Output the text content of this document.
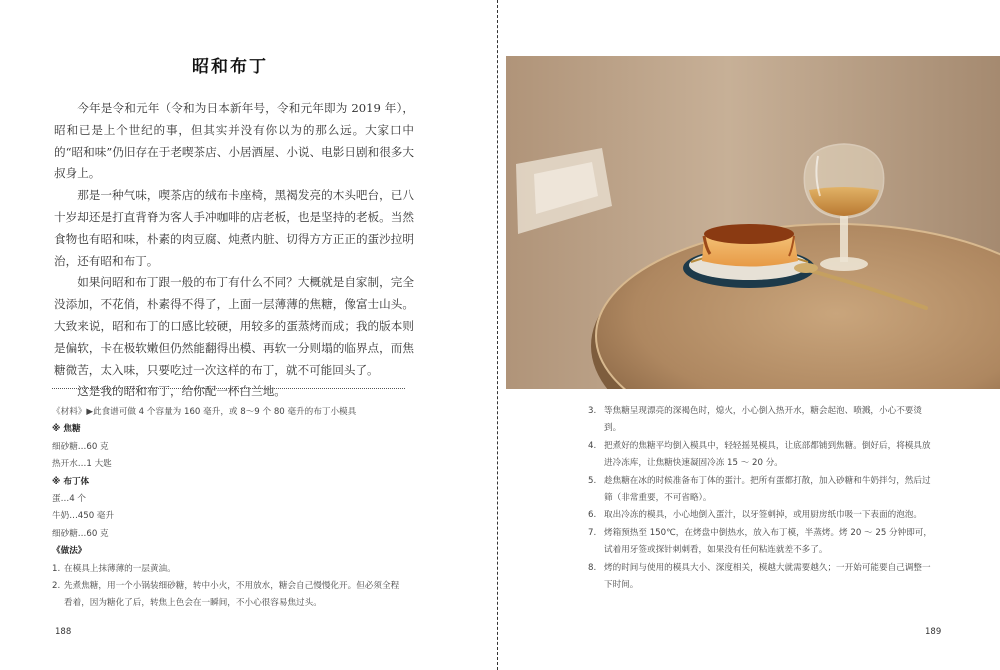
昭和布丁

今年是令和元年（令和为日本新年号，令和元年即为 2019 年），昭和已是上个世纪的事，但其实并没有你以为的那么远。大家口中的“昭和味”仍旧存在于老喫茶店、小居酒屋、小说、电影日剧和很多大叔身上。

那是一种气味，喫茶店的绒布卡座椅，黑褐发亮的木头吧台，已八十岁却还是打直背脊为客人手冲咖啡的店老板，也是坚持的老板。当然食物也有昭和味，朴素的肉豆腐、炖煮内脏、切得方方正正的蛋沙拉明治，还有昭和布丁。

如果问昭和布丁跟一般的布丁有什么不同？大概就是自家制，完全没添加，不花俏，朴素得不得了，上面一层薄薄的焦糖，像富士山头。大致来说，昭和布丁的口感比较硬，用较多的蛋蒸烤而成；我的版本则是偏软，卡在极软嫩但仍然能翻得出模、再软一分则塌的临界点，而焦糖微苦，太入味，只要吃过一次这样的布丁，就不可能回头了。

这是我的昭和布丁，给你配一杯白兰地。

《材料》▶此食谱可做 4 个容量为 160 毫升，或 8～9 个 80 毫升的布丁小模具
※ 焦糖
细砂糖…60 克
热开水…1 大匙
※ 布丁体
蛋…4 个
牛奶…450 毫升
细砂糖…60 克
《做法》
1. 在模具上抹薄薄的一层黄油。
2. 先煮焦糖，用一个小锅装细砂糖，转中小火，不用放水，糖会自己慢慢化开。但必须全程看着，因为糖化了后，转焦上色会在一瞬间，不小心很容易焦过头。
188
3. 等焦糖呈现漂亮的深褐色时，熄火，小心倒入热开水，糖会起泡、喷溅，小心不要烫到。
4. 把煮好的焦糖平均倒入模具中，轻轻摇晃模具，让底部都铺到焦糖。倒好后，将模具放进冷冻库，让焦糖快速凝固冷冻 15 ～ 20 分。
5. 趁焦糖在冰的时候准备布丁体的蛋汁。把所有蛋都打散，加入砂糖和牛奶拌匀，然后过筛（非常重要，不可省略）。
6. 取出冷冻的模具，小心地倒入蛋汁，以牙签刺掉，或用厨房纸巾吸一下表面的泡泡。
7. 烤箱预热至 150℃，在烤盘中倒热水，放入布丁模，半蒸烤。烤 20 ～ 25 分钟即可，试着用牙签或探针刺刺看，如果没有任何粘连就差不多了。
8. 烤的时间与使用的模具大小、深度相关，模越大就需要越久；一开始可能要自己调整一下时间。
189
